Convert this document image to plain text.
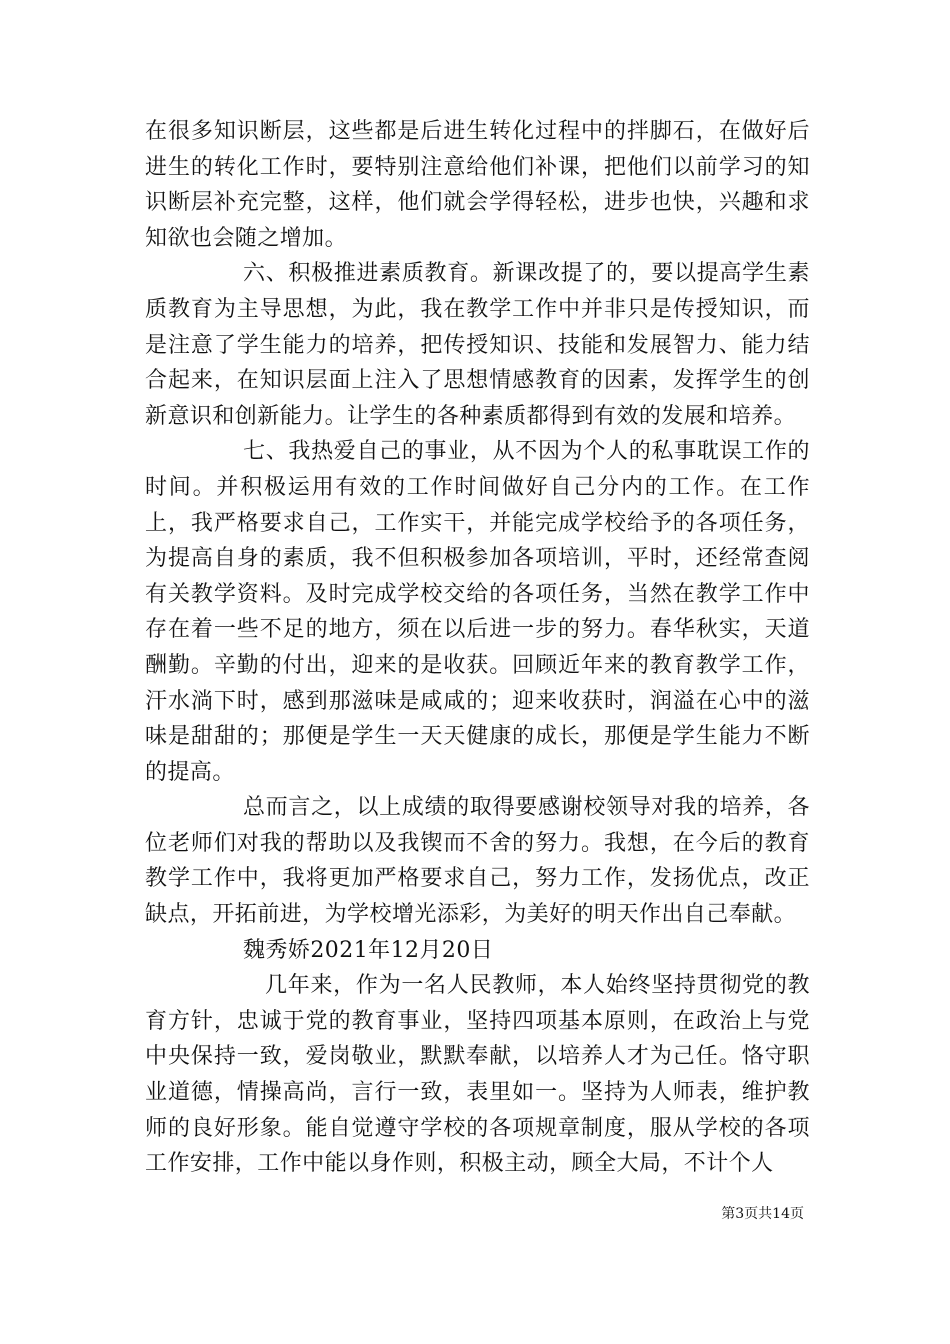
在很多知识断层，这些都是后进生转化过程中的拌脚石，在做好后进生的转化工作时，要特别注意给他们补课，把他们以前学习的知识断层补充完整，这样，他们就会学得轻松，进步也快，兴趣和求知欲也会随之增加。

六、积极推进素质教育。新课改提了的，要以提高学生素质教育为主导思想，为此，我在教学工作中并非只是传授知识，而是注意了学生能力的培养，把传授知识、技能和发展智力、能力结合起来，在知识层面上注入了思想情感教育的因素，发挥学生的创新意识和创新能力。让学生的各种素质都得到有效的发展和培养。

七、我热爱自己的事业，从不因为个人的私事耽误工作的时间。并积极运用有效的工作时间做好自己分内的工作。在工作上，我严格要求自己，工作实干，并能完成学校给予的各项任务，为提高自身的素质，我不但积极参加各项培训，平时，还经常查阅有关教学资料。及时完成学校交给的各项任务，当然在教学工作中存在着一些不足的地方，须在以后进一步的努力。春华秋实，天道酬勤。辛勤的付出，迎来的是收获。回顾近年来的教育教学工作，汗水淌下时，感到那滋味是咸咸的；迎来收获时，润溢在心中的滋味是甜甜的；那便是学生一天天健康的成长，那便是学生能力不断的提高。

总而言之，以上成绩的取得要感谢校领导对我的培养，各位老师们对我的帮助以及我锲而不舍的努力。我想，在今后的教育教学工作中，我将更加严格要求自己，努力工作，发扬优点，改正缺点，开拓前进，为学校增光添彩，为美好的明天作出自己奉献。

魏秀娇2021年12月20日

几年来，作为一名人民教师，本人始终坚持贯彻党的教育方针，忠诚于党的教育事业，坚持四项基本原则，在政治上与党中央保持一致，爱岗敬业，默默奉献，以培养人才为己任。恪守职业道德，情操高尚，言行一致，表里如一。坚持为人师表，维护教师的良好形象。能自觉遵守学校的各项规章制度，服从学校的各项工作安排，工作中能以身作则，积极主动，顾全大局，不计个人

第3页共14页
